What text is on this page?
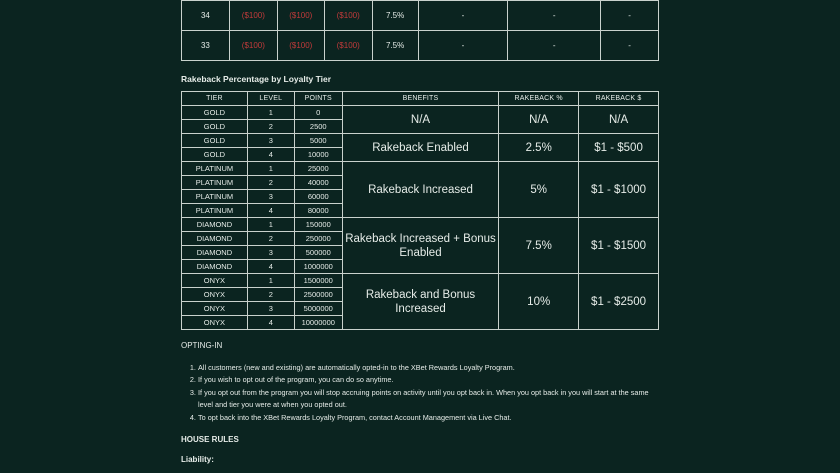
34	($100)	($100)	($100)	7.5%	-	-	-
33	($100)	($100)	($100)	7.5%	-	-	-
Rakeback Percentage by Loyalty Tier
TIER	LEVEL	POINTS	BENEFITS	RAKEBACK %	RAKEBACK $
GOLD	1	0	N/A	N/A	N/A
GOLD	2	2500			
GOLD	3	5000	Rakeback Enabled	2.5%	$1 - $500
GOLD	4	10000			
PLATINUM	1	25000	Rakeback Increased	5%	$1 - $1000
PLATINUM	2	40000			
PLATINUM	3	60000			
PLATINUM	4	80000			
DIAMOND	1	150000	Rakeback Increased + Bonus Enabled	7.5%	$1 - $1500
DIAMOND	2	250000			
DIAMOND	3	500000			
DIAMOND	4	1000000			
ONYX	1	1500000	Rakeback and Bonus Increased	10%	$1 - $2500
ONYX	2	2500000			
ONYX	3	5000000			
ONYX	4	10000000			
OPTING-IN
1. All customers (new and existing) are automatically opted-in to the XBet Rewards Loyalty Program.
2. If you wish to opt out of the program, you can do so anytime.
3. If you opt out from the program you will stop accruing points on activity until you opt back in. When you opt back in you will start at the same level and tier you were at when you opted out.
4. To opt back into the XBet Rewards Loyalty Program, contact Account Management via Live Chat.
HOUSE RULES
Liability:
